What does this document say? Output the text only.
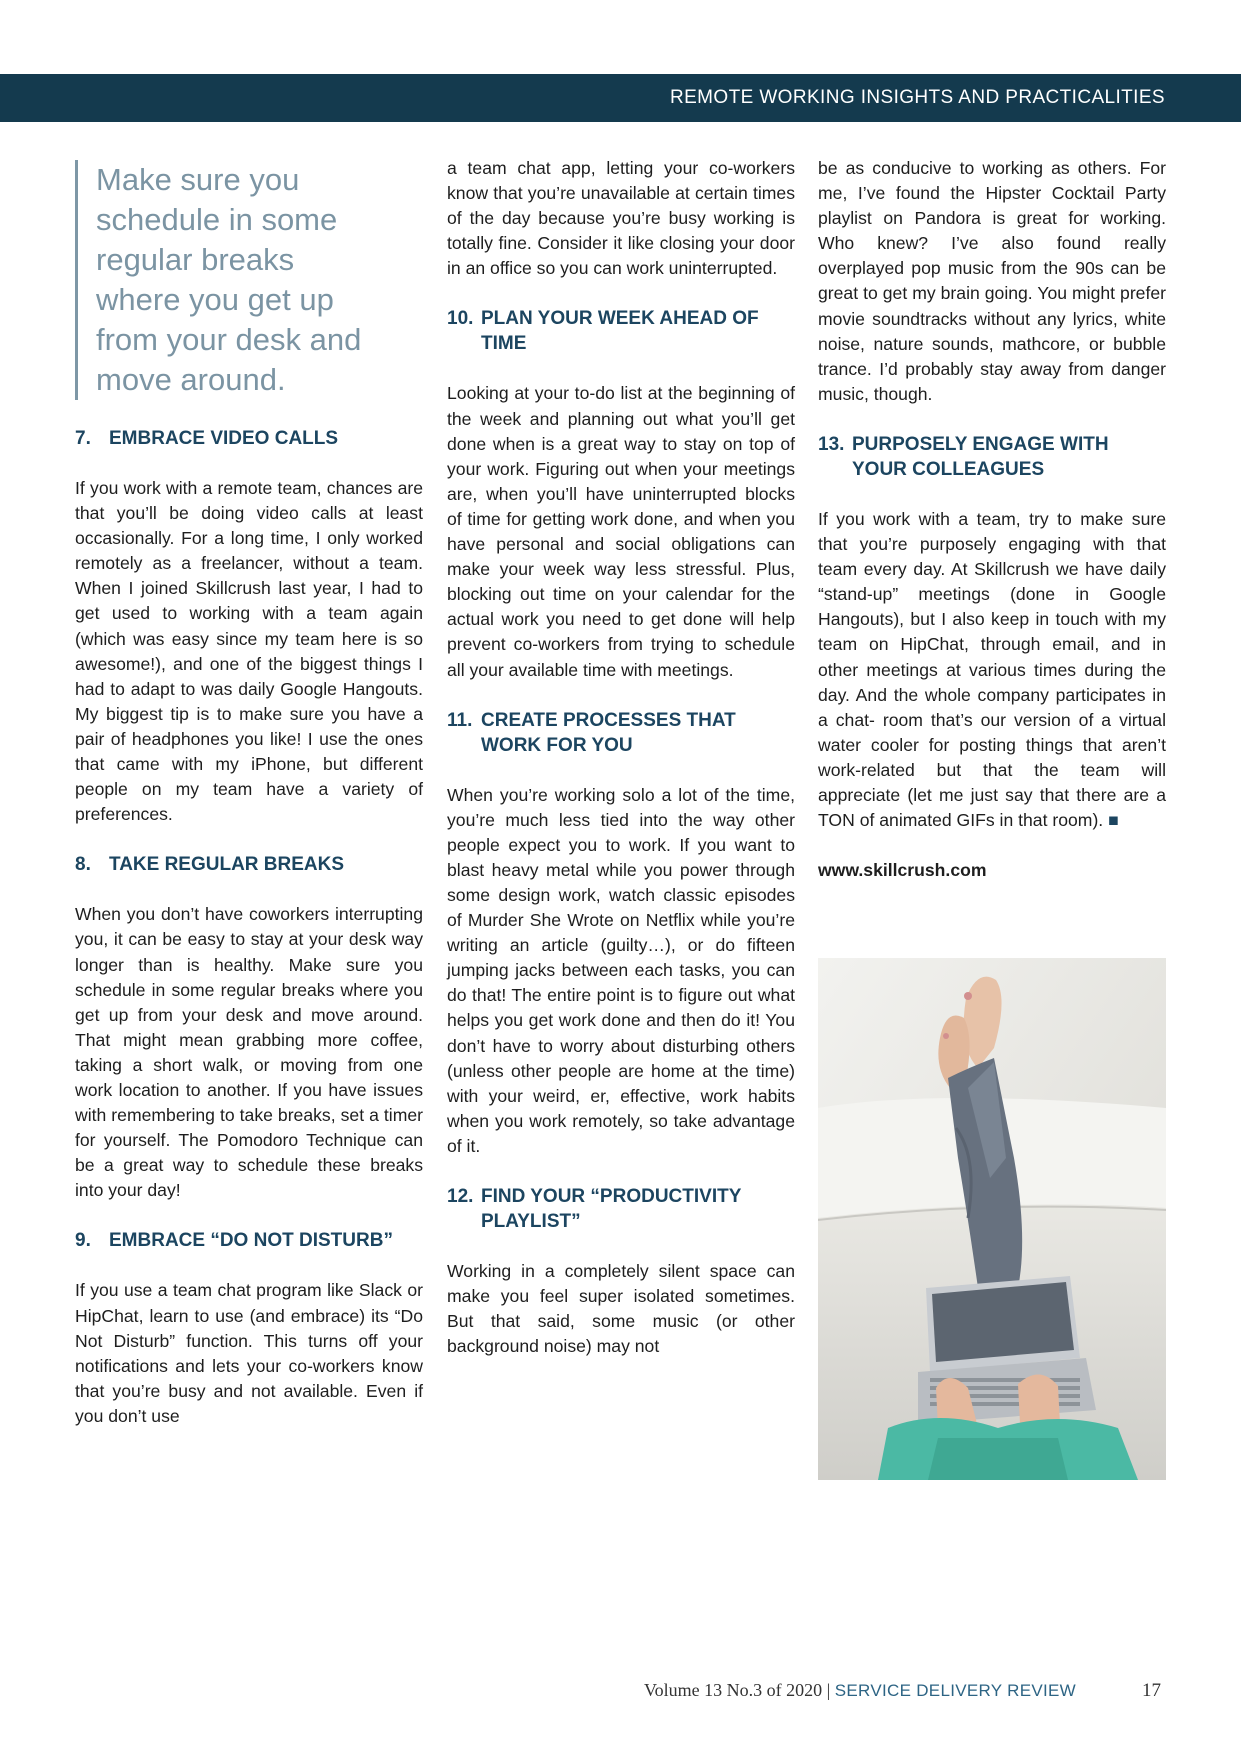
REMOTE WORKING INSIGHTS AND PRACTICALITIES

Make sure you

schedule in some

regular breaks

where you get up

from your desk and

move around.

7. EMBRACE VIDEO CALLS

If you work with a remote team, chances are that you’ll be doing video calls at least occasionally. For a long time, I only worked remotely as a freelancer, without a team. When I joined Skillcrush last year, I had to get used to working with a team again (which was easy since my team here is so awesome!), and one of the biggest things I had to adapt to was daily Google Hangouts. My biggest tip is to make sure you have a pair of headphones you like! I use the ones that came with my iPhone, but different people on my team have a variety of preferences.

8. TAKE REGULAR BREAKS

When you don’t have coworkers interrupting you, it can be easy to stay at your desk way longer than is healthy. Make sure you schedule in some regular breaks where you get up from your desk and move around. That might mean grabbing more coffee, taking a short walk, or moving from one work location to another. If you have issues with remembering to take breaks, set a timer for yourself. The Pomodoro Technique can be a great way to schedule these breaks into your day!

9. EMBRACE “DO NOT DISTURB”

If you use a team chat program like Slack or HipChat, learn to use (and embrace) its “Do Not Disturb” function. This turns off your notifications and lets your co-workers know that you’re busy and not available. Even if you don’t use

a team chat app, letting your co-workers know that you’re unavailable at certain times of the day because you’re busy working is totally fine. Consider it like closing your door in an office so you can work uninterrupted.

10. PLAN YOUR WEEK AHEAD OF TIME

Looking at your to-do list at the beginning of the week and planning out what you’ll get done when is a great way to stay on top of your work. Figuring out when your meetings are, when you’ll have uninterrupted blocks of time for getting work done, and when you have personal and social obligations can make your week way less stressful. Plus, blocking out time on your calendar for the actual work you need to get done will help prevent co-workers from trying to schedule all your available time with meetings.

11. CREATE PROCESSES THAT WORK FOR YOU

When you’re working solo a lot of the time, you’re much less tied into the way other people expect you to work. If you want to blast heavy metal while you power through some design work, watch classic episodes of Murder She Wrote on Netflix while you’re writing an article (guilty…), or do fifteen jumping jacks between each tasks, you can do that! The entire point is to figure out what helps you get work done and then do it! You don’t have to worry about disturbing others (unless other people are home at the time) with your weird, er, effective, work habits when you work remotely, so take advantage of it.

12. FIND YOUR “PRODUCTIVITY PLAYLIST”

Working in a completely silent space can make you feel super isolated sometimes. But that said, some music (or other background noise) may not

be as conducive to working as others. For me, I’ve found the Hipster Cocktail Party playlist on Pandora is great for working. Who knew? I’ve also found really overplayed pop music from the 90s can be great to get my brain going. You might prefer movie soundtracks without any lyrics, white noise, nature sounds, mathcore, or bubble trance. I’d probably stay away from danger music, though.

13. PURPOSELY ENGAGE WITH YOUR COLLEAGUES

If you work with a team, try to make sure that you’re purposely engaging with that team every day. At Skillcrush we have daily “stand-up” meetings (done in Google Hangouts), but I also keep in touch with my team on HipChat, through email, and in other meetings at various times during the day. And the whole company participates in a chat- room that’s our version of a virtual water cooler for posting things that aren’t work-related but that the team will appreciate (let me just say that there are a TON of animated GIFs in that room). ■

www.skillcrush.com

Volume 13 No.3 of 2020 | SERVICE DELIVERY REVIEW	17
